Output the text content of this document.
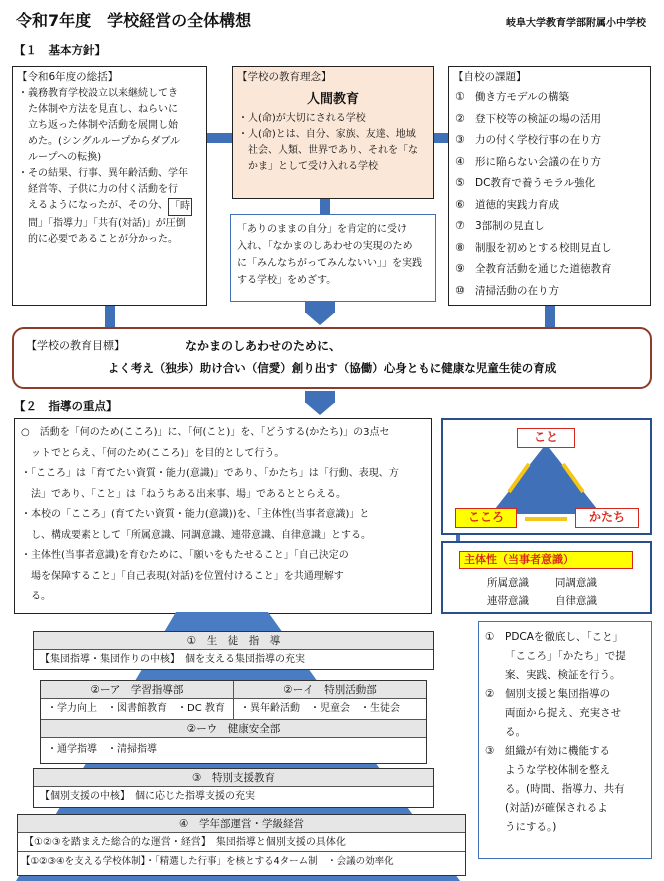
令和7年度　学校経営の全体構想	岐阜大学教育学部附属小中学校
【１　基本方針】
【令和6年度の総括】
・義務教育学校設立以来継続してき
　た体制や方法を見直し、ねらいに
　立ち返った体制や活動を展開し始
　めた。(シングルループからダブル
　ループへの転換)
・その結果、行事、異年齢活動、学年
　経営等、子供に力の付く活動を行
　えるようになったが、その分、 「時
　間」「指導力」「共有(対話)」が圧倒
　的に必要であることが分かった。
【学校の教育理念】
人間教育
・人(命)が大切にされる学校
・人(命)とは、自分、家族、友達、地域
　社会、人類、世界であり、それを「な
　かま」として受け入れる学校
「ありのままの自分」を肯定的に受け
入れ、「なかまのしあわせの実現のため
に「みんなちがってみんないい」」を実践
する学校」をめざす。
【自校の課題】
① 働き方モデルの構築
② 登下校等の検証の場の活用
③ 力の付く学校行事の在り方
④ 形に陥らない会議の在り方
⑤ DC教育で養うモラル強化
⑥ 道徳的実践力育成
⑦ 3部制の見直し
⑧ 制服を初めとする校則見直し
⑨ 全教育活動を通じた道徳教育
⑩ 清掃活動の在り方
【学校の教育目標】	なかまのしあわせのために、
よく考え（独歩）助け合い（信愛）創り出す（協働）心身ともに健康な児童生徒の育成
【２　指導の重点】
○　活動を「何のため(こころ)」に、「何(こと)」を、「どうする(かたち)」の3点セ
　ットでとらえ、「何のため(こころ)」を目的として行う。
・「こころ」は「育てたい資質・能力(意識)」であり、「かたち」は「行動、表現、方
　法」であり、「こと」は「ねうちある出来事、場」であるととらえる。
・本校の「こころ」(育てたい資質・能力(意識))を、「主体性(当事者意識)」と
　し、構成要素として「所属意識、同調意識、連帯意識、自律意識」とする。
・主体性(当事者意識)を育むために、「願いをもたせること」「自己決定の
　場を保障すること」「自己表現(対話)を位置付けること」を共通理解す
　る。
こと
こころ	かたち
主体性（当事者意識）
所属意識 同調意識
連帯意識 自律意識
①　生　徒　指　導
【集団指導・集団作りの中核】　個を支える集団指導の充実
②ーア　学習指導部
・学力向上　・図書館教育　・DC 教育
②ーイ　特別活動部
・異年齢活動　・児童会　・生徒会
②ーウ　健康安全部
・通学指導　・清掃指導
③　特別支援教育
【個別支援の中核】　個に応じた指導支援の充実
④　学年部運営・学級経営
【①②③を踏まえた総合的な運営・経営】　集団指導と個別支援の具体化
【①②③④を支える学校体制】・「精選した行事」を核とする4ターム制　・会議の効率化
①	PDCAを徹底し、「こと」
「こころ」「かたち」で提
案、実践、検証を行う。
②	個別支援と集団指導の
両面から捉え、充実させ
る。
③	組織が有効に機能する
ような学校体制を整え
る。(時間、指導力、共有
(対話)が確保されるよ
うにする。)
